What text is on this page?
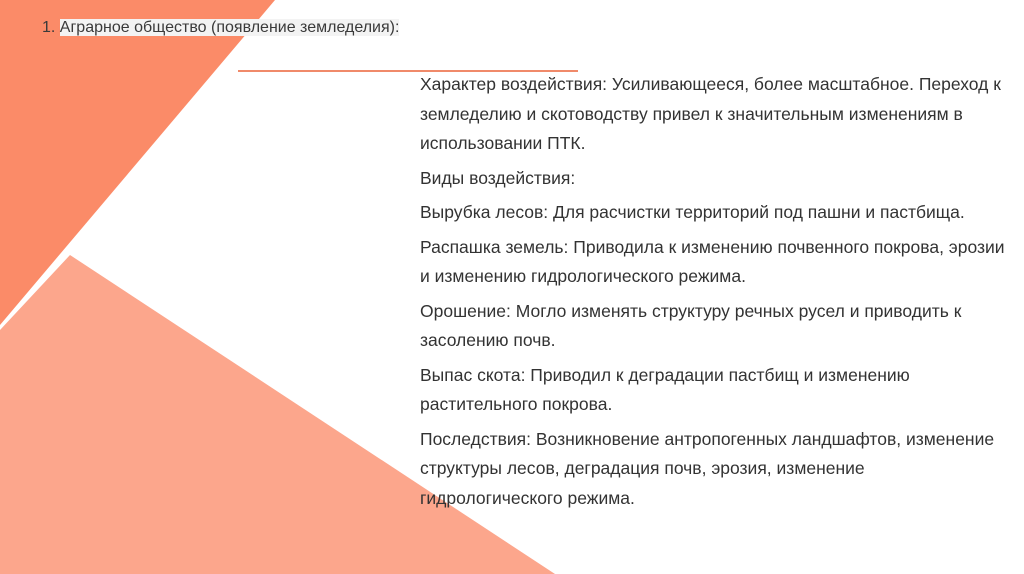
1. Аграрное общество (появление земледелия):

Характер воздействия: Усиливающееся, более масштабное. Переход к земледелию и скотоводству привел к значительным изменениям в использовании ПТК.

Виды воздействия:

Вырубка лесов: Для расчистки территорий под пашни и пастбища.

Распашка земель: Приводила к изменению почвенного покрова, эрозии и изменению гидрологического режима.

Орошение: Могло изменять структуру речных русел и приводить к засолению почв.

Выпас скота: Приводил к деградации пастбищ и изменению растительного покрова.

Последствия: Возникновение антропогенных ландшафтов, изменение структуры лесов, деградация почв, эрозия, изменение гидрологического режима.
